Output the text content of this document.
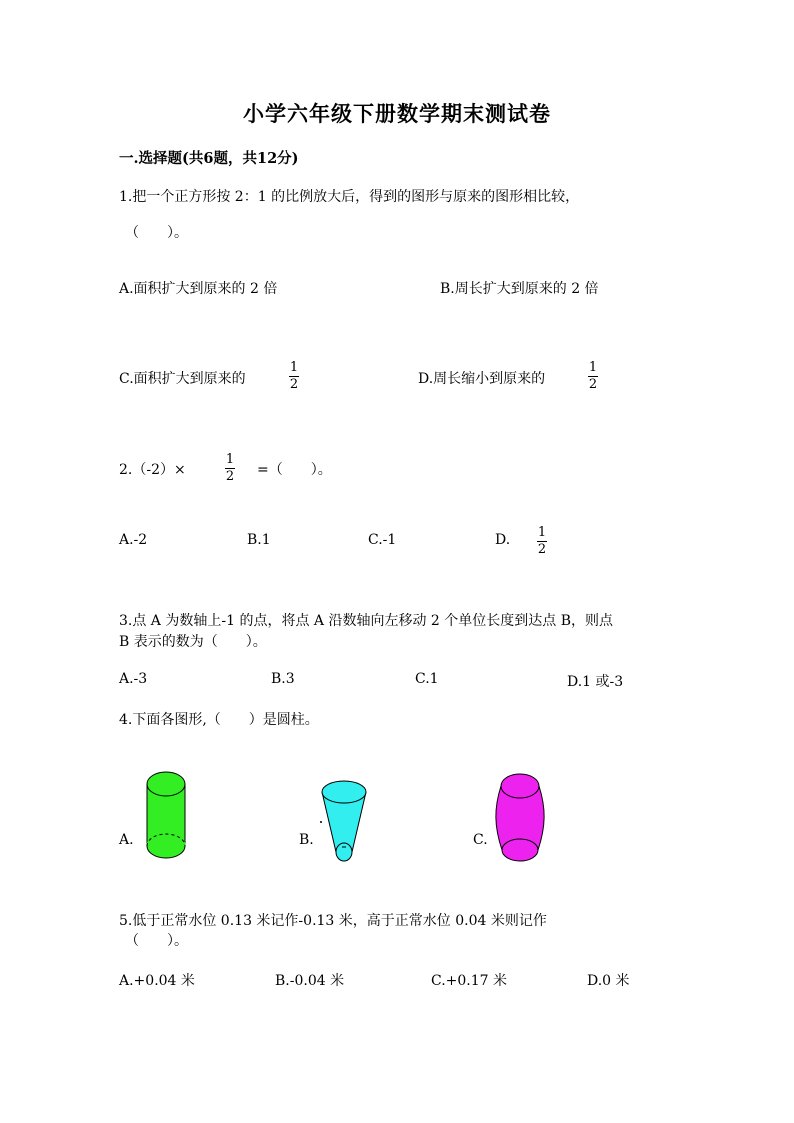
小学六年级下册数学期末测试卷
一.选择题(共6题，共12分)
1.把一个正方形按 2：1 的比例放大后，得到的图形与原来的图形相比较，
（　　）。
A.面积扩大到原来的 2 倍	B.周长扩大到原来的 2 倍
C.面积扩大到原来的
1
2	D.周长缩小到原来的
1
2
2.（-2）×
1
2 =（　　）。
A.-2	B.1	C.-1	D. 1
2
3.点 A 为数轴上-1 的点，将点 A 沿数轴向左移动 2 个单位长度到达点 B，则点
B 表示的数为（　　）。
A.-3	B.3	C.1	D.1 或-3
4.下面各图形,（　　）是圆柱。
A.	B.	C.
5.低于正常水位 0.13 米记作-0.13 米，高于正常水位 0.04 米则记作
（　　）。
A.+0.04 米	B.-0.04 米	C.+0.17 米	D.0 米
